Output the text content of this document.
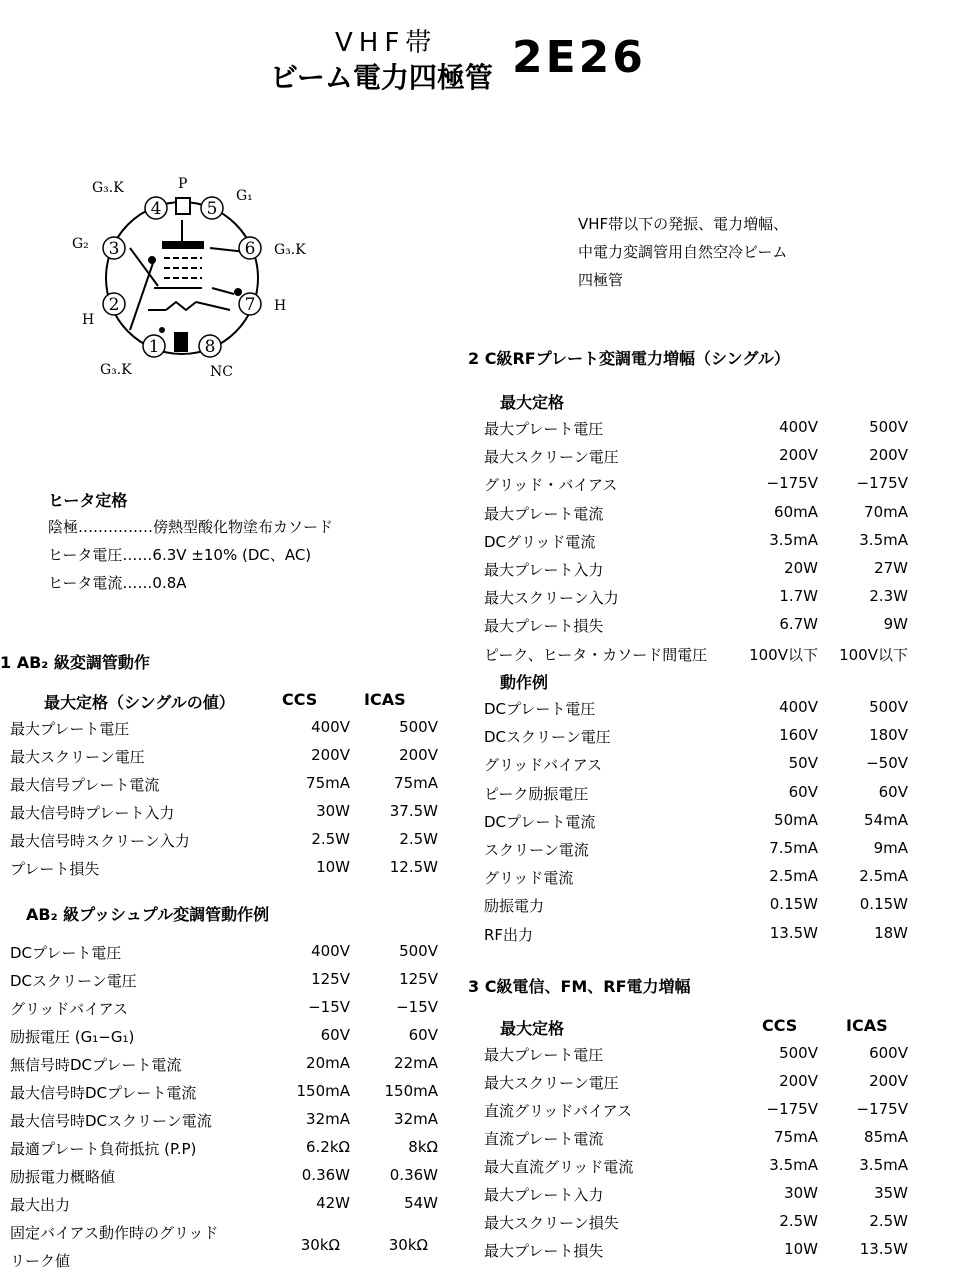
VHF帯
ビーム電力四極管 2E26
1
2
3
4	5
6
7
8
G₃.K	P
G₁
G₂	G₃.K
H
H
G₃.K	NC
VHF帯以下の発振、電力増幅、
中電力変調管用自然空冷ビーム
四極管
ヒータ定格
陰極……………傍熱型酸化物塗布カソード
ヒータ電圧……6.3V ±10% (DC、AC)
ヒータ電流……0.8A
1 AB₂ 級変調管動作
最大定格（シングルの値）	CCS	ICAS
最大プレート電圧	400V	500V
最大スクリーン電圧	200V	200V
最大信号プレート電流	75mA	75mA
最大信号時プレート入力	30W	37.5W
最大信号時スクリーン入力	2.5W	2.5W
プレート損失	10W	12.5W
AB₂ 級プッシュプル変調管動作例
DCプレート電圧	400V	500V
DCスクリーン電圧	125V	125V
グリッドバイアス	−15V	−15V
励振電圧 (G₁−G₁)	60V	60V
無信号時DCプレート電流	20mA	22mA
最大信号時DCプレート電流	150mA	150mA
最大信号時DCスクリーン電流	32mA	32mA
最適プレート負荷抵抗 (P.P)	6.2kΩ	8kΩ
励振電力概略値	0.36W	0.36W
最大出力	42W	54W
固定バイアス動作時のグリッド
リーク値
30kΩ	30kΩ
2 C級RFプレート変調電力増幅（シングル）
最大定格
最大プレート電圧	400V	500V
最大スクリーン電圧	200V	200V
グリッド・バイアス	−175V	−175V
最大プレート電流	60mA	70mA
DCグリッド電流	3.5mA	3.5mA
最大プレート入力	20W	27W
最大スクリーン入力	1.7W	2.3W
最大プレート損失	6.7W	9W
ピーク、ヒータ・カソード間電圧	100V以下	100V以下
動作例
DCプレート電圧	400V	500V
DCスクリーン電圧	160V	180V
グリッドバイアス	50V	−50V
ピーク励振電圧	60V	60V
DCプレート電流	50mA	54mA
スクリーン電流	7.5mA	9mA
グリッド電流	2.5mA	2.5mA
励振電力	0.15W	0.15W
RF出力	13.5W	18W
3 C級電信、FM、RF電力増幅
最大定格	CCS	ICAS
最大プレート電圧	500V	600V
最大スクリーン電圧	200V	200V
直流グリッドバイアス	−175V	−175V
直流プレート電流	75mA	85mA
最大直流グリッド電流	3.5mA	3.5mA
最大プレート入力	30W	35W
最大スクリーン損失	2.5W	2.5W
最大プレート損失	10W	13.5W
